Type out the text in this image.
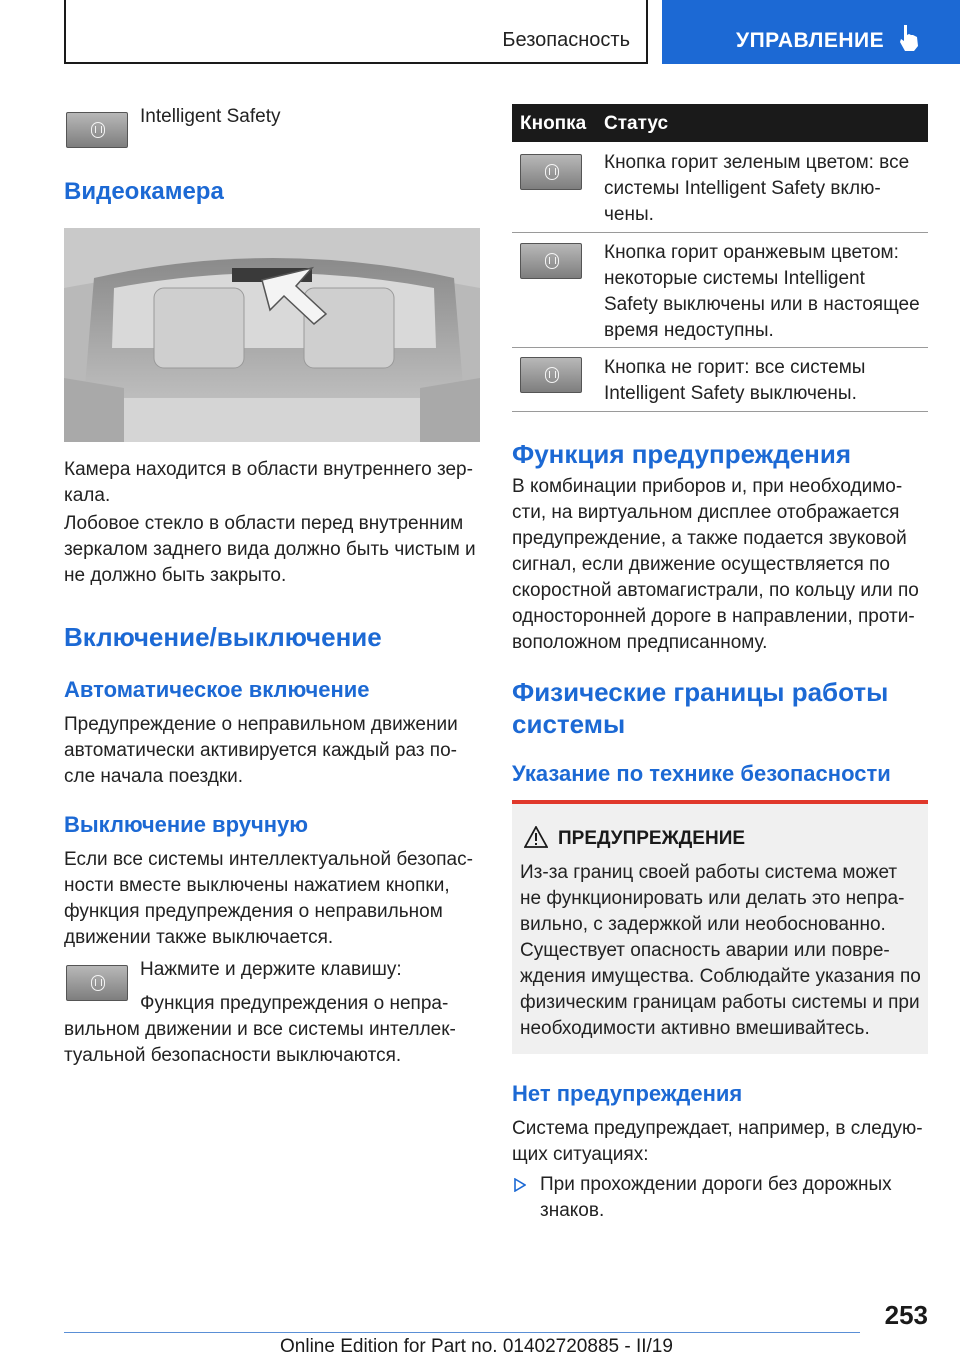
Безопасность	УПРАВЛЕНИЕ
Intelligent Safety
Видеокамера
Камера находится в области внутреннего зер-
кала.
Лобовое стекло в области перед внутренним
зеркалом заднего вида должно быть чистым и
не должно быть закрыто.
Включение/выключение
Автоматическое включение
Предупреждение о неправильном движении
автоматически активируется каждый раз по-
сле начала поездки.
Выключение вручную
Если все системы интеллектуальной безопас-
ности вместе выключены нажатием кнопки,
функция предупреждения о неправильном
движении также выключается.
Нажмите и держите клавишу:
Функция предупреждения о непра-
вильном движении и все системы интеллек-
туальной безопасности выключаются.
Кнопка Статус
Кнопка горит зеленым цветом: все
системы Intelligent Safety вклю-
чены.
Кнопка горит оранжевым цветом:
некоторые системы Intelligent
Safety выключены или в настоящее
время недоступны.
Кнопка не горит: все системы
Intelligent Safety выключены.
Функция предупреждения
В комбинации приборов и, при необходимо-
сти, на виртуальном дисплее отображается
предупреждение, а также подается звуковой
сигнал, если движение осуществляется по
скоростной автомагистрали, по кольцу или по
односторонней дороге в направлении, проти-
воположном предписанному.
Физические границы работы
системы
Указание по технике безопасности
ПРЕДУПРЕЖДЕНИЕ
Из-за границ своей работы система может
не функционировать или делать это непра-
вильно, с задержкой или необоснованно.
Существует опасность аварии или повре-
ждения имущества. Соблюдайте указания по
физическим границам работы системы и при
необходимости активно вмешивайтесь.
Нет предупреждения
Система предупреждает, например, в следую-
щих ситуациях:
При прохождении дороги без дорожных
знаков.
253
Online Edition for Part no. 01402720885 - II/19
